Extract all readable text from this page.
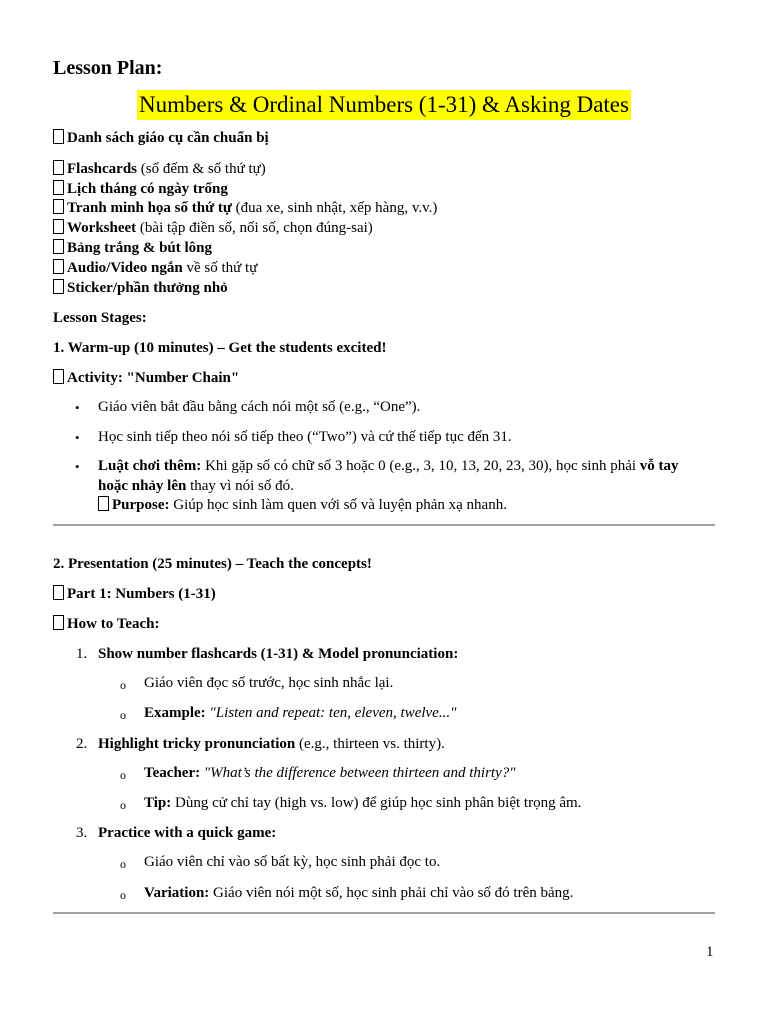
Lesson Plan:
Numbers & Ordinal Numbers (1-31) & Asking Dates
Danh sách giáo cụ cần chuẩn bị
Flashcards (số đếm & số thứ tự)
Lịch tháng có ngày trống
Tranh minh họa số thứ tự (đua xe, sinh nhật, xếp hàng, v.v.)
Worksheet (bài tập điền số, nối số, chọn đúng-sai)
Bảng trắng & bút lông
Audio/Video ngắn về số thứ tự
Sticker/phần thưởng nhỏ
Lesson Stages:
1. Warm-up (10 minutes) – Get the students excited!
Activity: "Number Chain"
• Giáo viên bắt đầu bằng cách nói một số (e.g., “One”).
• Học sinh tiếp theo nói số tiếp theo (“Two”) và cứ thế tiếp tục đến 31.
• Luật chơi thêm: Khi gặp số có chữ số 3 hoặc 0 (e.g., 3, 10, 13, 20, 23, 30), học sinh phải vỗ tay
hoặc nhảy lên thay vì nói số đó.
Purpose: Giúp học sinh làm quen với số và luyện phản xạ nhanh.
2. Presentation (25 minutes) – Teach the concepts!
Part 1: Numbers (1-31)
How to Teach:
1. Show number flashcards (1-31) & Model pronunciation:
o Giáo viên đọc số trước, học sinh nhắc lại.
o Example: "Listen and repeat: ten, eleven, twelve..."
2. Highlight tricky pronunciation (e.g., thirteen vs. thirty).
o Teacher: "What’s the difference between thirteen and thirty?"
o Tip: Dùng cử chỉ tay (high vs. low) để giúp học sinh phân biệt trọng âm.
3. Practice with a quick game:
o Giáo viên chỉ vào số bất kỳ, học sinh phải đọc to.
o Variation: Giáo viên nói một số, học sinh phải chỉ vào số đó trên bảng.
1
